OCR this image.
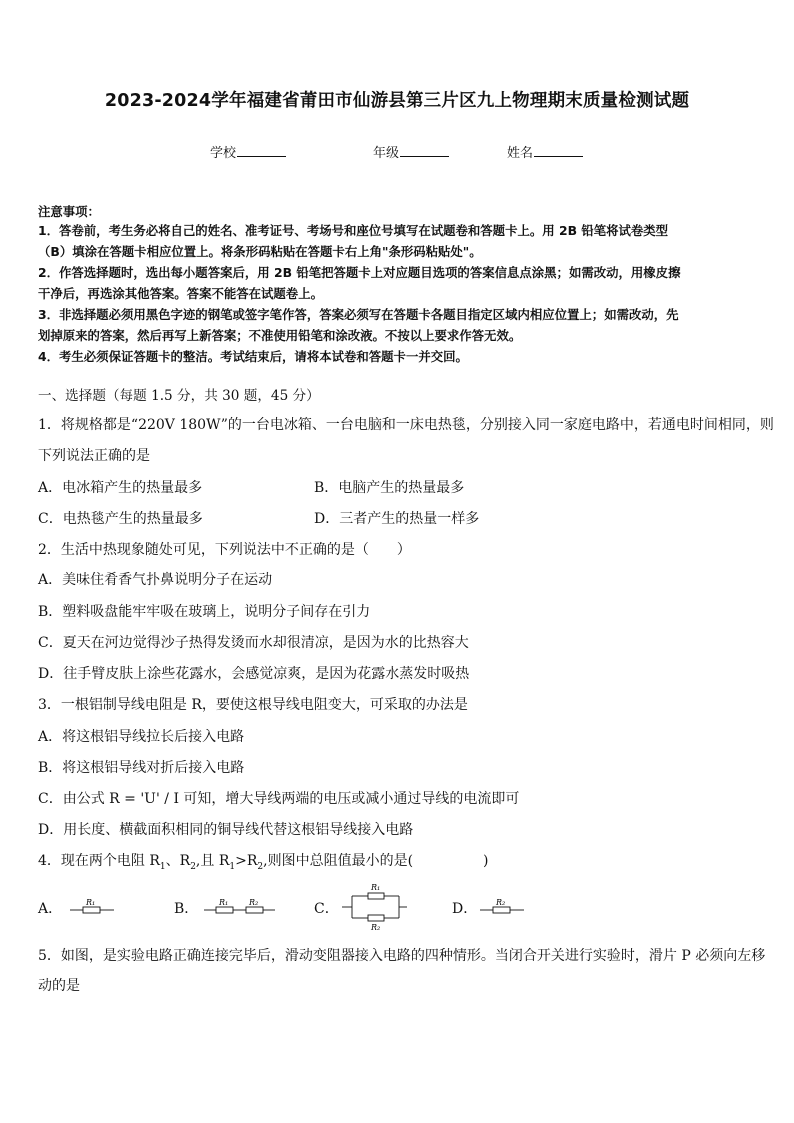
2023-2024学年福建省莆田市仙游县第三片区九上物理期末质量检测试题
学校	年级	姓名
注意事项：
1．答卷前，考生务必将自己的姓名、准考证号、考场号和座位号填写在试题卷和答题卡上。用 2B 铅笔将试卷类型
（B）填涂在答题卡相应位置上。将条形码粘贴在答题卡右上角"条形码粘贴处"。
2．作答选择题时，选出每小题答案后，用 2B 铅笔把答题卡上对应题目选项的答案信息点涂黑；如需改动，用橡皮擦
干净后，再选涂其他答案。答案不能答在试题卷上。
3．非选择题必须用黑色字迹的钢笔或签字笔作答，答案必须写在答题卡各题目指定区域内相应位置上；如需改动，先
划掉原来的答案，然后再写上新答案；不准使用铅笔和涂改液。不按以上要求作答无效。
4．考生必须保证答题卡的整洁。考试结束后，请将本试卷和答题卡一并交回。
一、选择题（每题 1.5 分，共 30 题，45 分）
1．将规格都是“220V 180W”的一台电冰箱、一台电脑和一床电热毯，分别接入同一家庭电路中，若通电时间相同，则
下列说法正确的是
A．电冰箱产生的热量最多	B．电脑产生的热量最多
C．电热毯产生的热量最多	D．三者产生的热量一样多
2．生活中热现象随处可见，下列说法中不正确的是（　　）
A．美味住肴香气扑鼻说明分子在运动
B．塑料吸盘能牢牢吸在玻璃上，说明分子间存在引力
C．夏天在河边觉得沙子热得发烫而水却很清凉，是因为水的比热容大
D．往手臂皮肤上涂些花露水，会感觉凉爽，是因为花露水蒸发时吸热
3．一根铝制导线电阻是 R，要使这根导线电阻变大，可采取的办法是
A．将这根铝导线拉长后接入电路
B．将这根铝导线对折后接入电路
C．由公式 R = 'U' / I 可知，增大导线两端的电压或减小通过导线的电流即可
D．用长度、横截面积相同的铜导线代替这根铝导线接入电路
4．现在两个电阻 $R_1$、$R_2$,且 $R_1>R_2$,则图中总阻值最小的是(　　　　　)
A．	R₁	B．	R₁	R₂	C．
R₁
R₂
D． R₂
5．如图，是实验电路正确连接完毕后，滑动变阻器接入电路的四种情形。当闭合开关进行实验时，滑片 P 必须向左移
动的是
